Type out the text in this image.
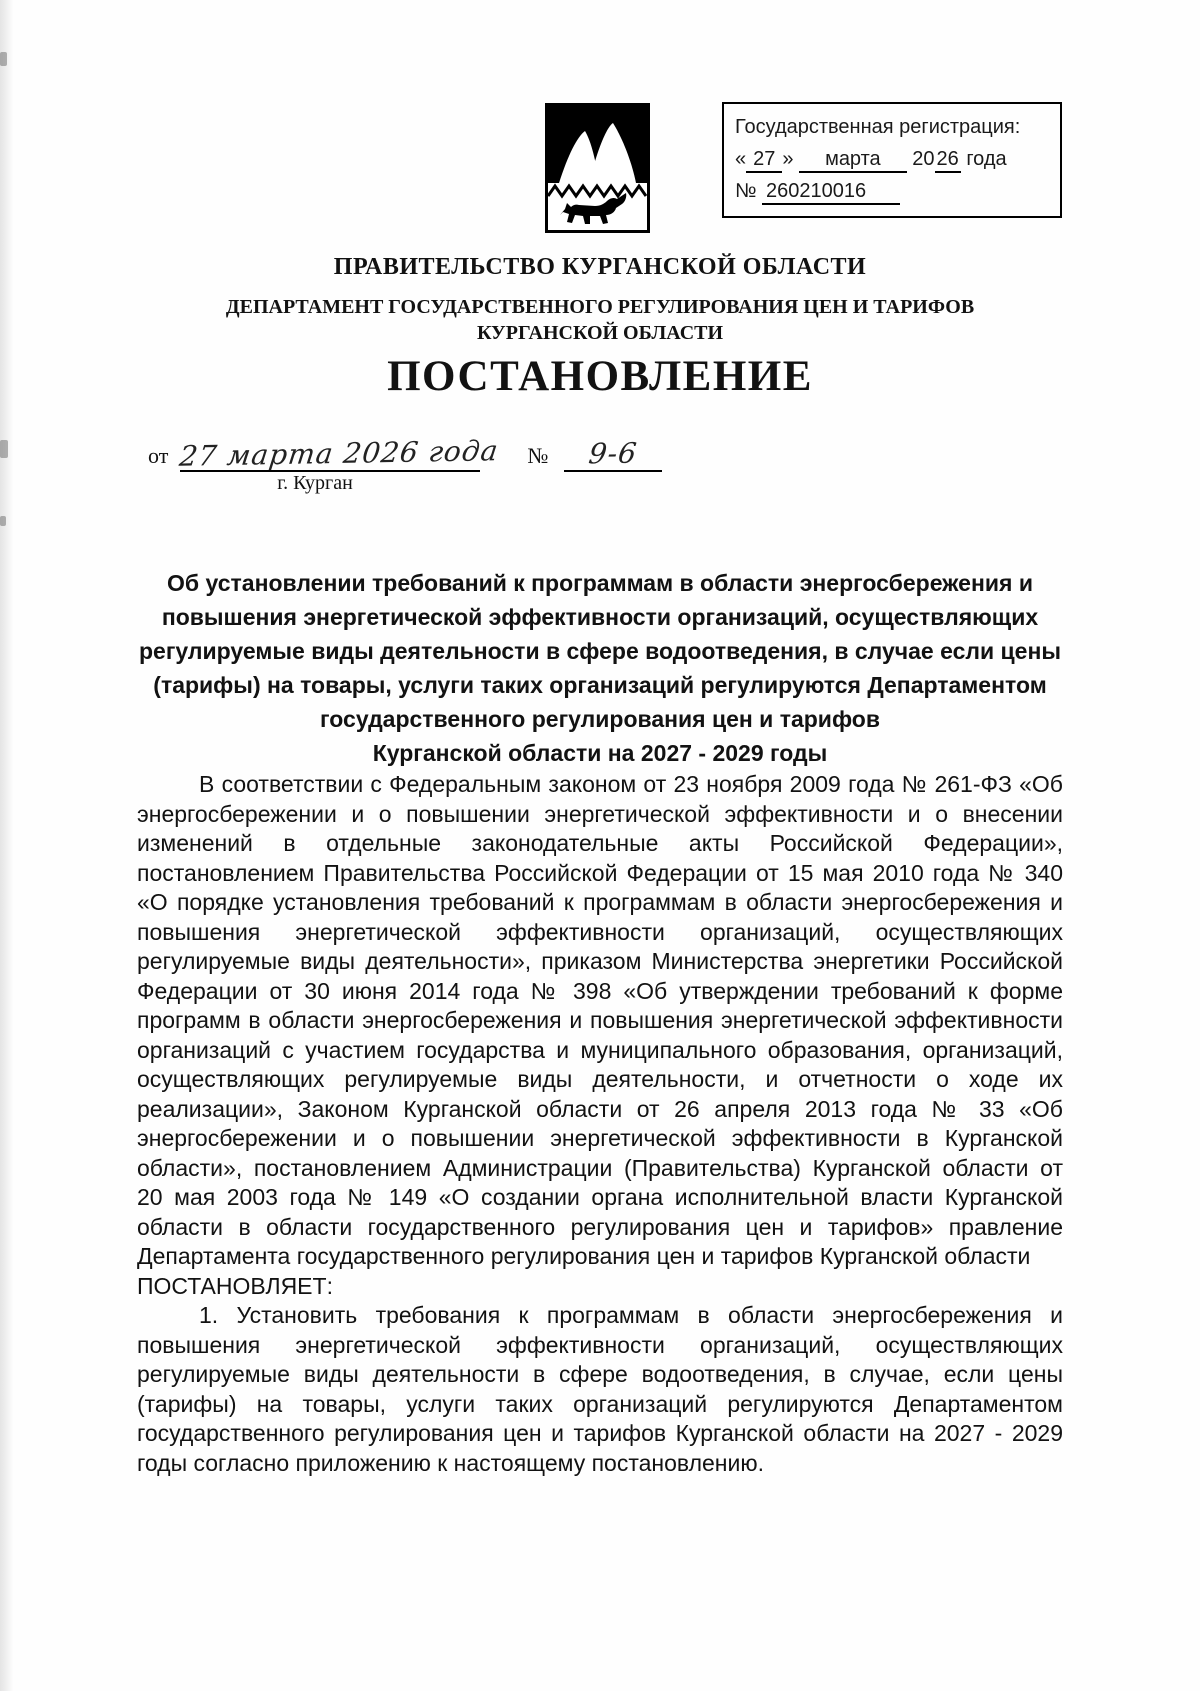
Государственная регистрация:
« 27 » марта 20 26 года
№ 260210016
ПРАВИТЕЛЬСТВО КУРГАНСКОЙ ОБЛАСТИ
ДЕПАРТАМЕНТ ГОСУДАРСТВЕННОГО РЕГУЛИРОВАНИЯ ЦЕН И ТАРИФОВ
КУРГАНСКОЙ ОБЛАСТИ
ПОСТАНОВЛЕНИЕ
от 27 марта 2026 года № 9-6
г. Курган
Об установлении требований к программам в области энергосбережения и
повышения энергетической эффективности организаций, осуществляющих
регулируемые виды деятельности в сфере водоотведения, в случае если цены
(тарифы) на товары, услуги таких организаций регулируются Департаментом
государственного регулирования цен и тарифов
Курганской области на 2027 - 2029 годы

В соответствии с Федеральным законом от 23 ноября 2009 года № 261-ФЗ «Об энергосбережении и о повышении энергетической эффективности и о внесении изменений в отдельные законодательные акты Российской Федерации», постановлением Правительства Российской Федерации от 15 мая 2010 года № 340 «О порядке установления требований к программам в области энергосбережения и повышения энергетической эффективности организаций, осуществляющих регулируемые виды деятельности», приказом Министерства энергетики Российской Федерации от 30 июня 2014 года № 398 «Об утверждении требований к форме программ в области энергосбережения и повышения энергетической эффективности организаций с участием государства и муниципального образования, организаций, осуществляющих регулируемые виды деятельности, и отчетности о ходе их реализации», Законом Курганской области от 26 апреля 2013 года № 33 «Об энергосбережении и о повышении энергетической эффективности в Курганской области», постановлением Администрации (Правительства) Курганской области от 20 мая 2003 года № 149 «О создании органа исполнительной власти Курганской области в области государственного регулирования цен и тарифов» правление Департамента государственного регулирования цен и тарифов Курганской области

ПОСТАНОВЛЯЕТ:

1. Установить требования к программам в области энергосбережения и повышения энергетической эффективности организаций, осуществляющих регулируемые виды деятельности в сфере водоотведения, в случае, если цены (тарифы) на товары, услуги таких организаций регулируются Департаментом государственного регулирования цен и тарифов Курганской области на 2027 - 2029 годы согласно приложению к настоящему постановлению.
